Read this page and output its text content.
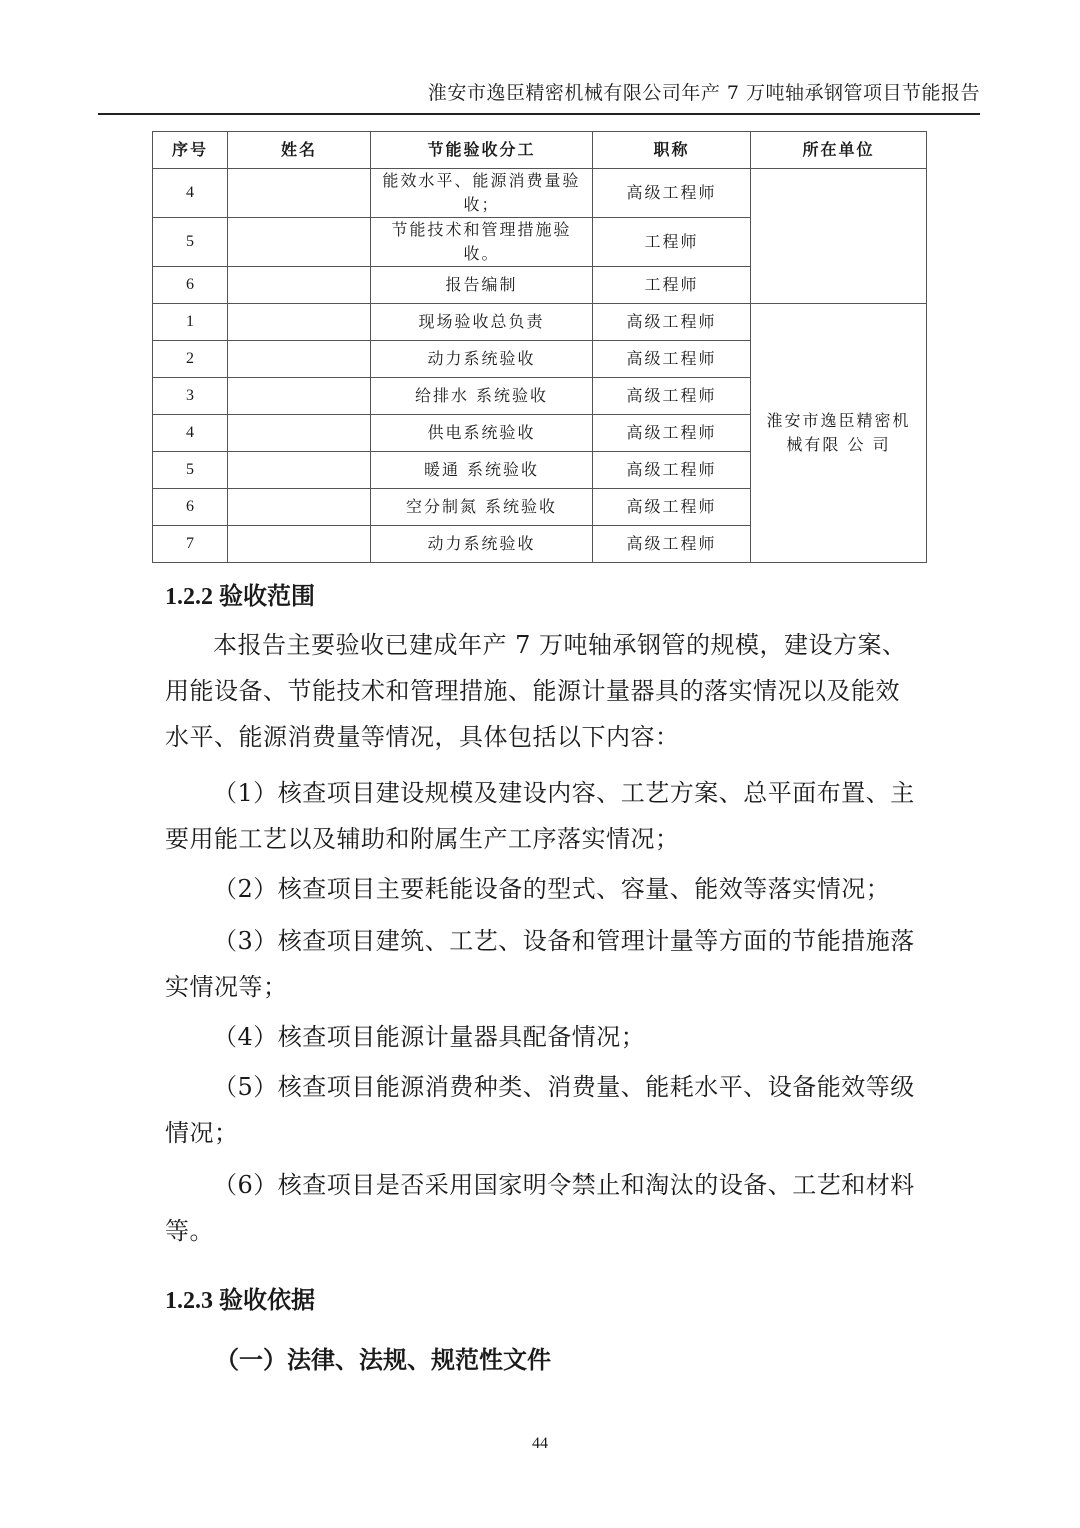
淮安市逸臣精密机械有限公司年产 7 万吨轴承钢管项目节能报告
序号	姓名	节能验收分工	职称	所在单位
4		能效水平、能源消费量验收；	高级工程师	
5		节能技术和管理措施验收。	工程师	
6		报告编制	工程师	
1		现场验收总负责	高级工程师	淮安市逸臣精密机械有限 公 司
2		动力系统验收	高级工程师	
3		给排水 系统验收	高级工程师	
4		供电系统验收	高级工程师	
5		暖通 系统验收	高级工程师	
6		空分制氮 系统验收	高级工程师	
7		动力系统验收	高级工程师	
1.2.2 验收范围

本报告主要验收已建成年产 7 万吨轴承钢管的规模，建设方案、用能设备、节能技术和管理措施、能源计量器具的落实情况以及能效水平、能源消费量等情况，具体包括以下内容：

（1）核查项目建设规模及建设内容、工艺方案、总平面布置、主要用能工艺以及辅助和附属生产工序落实情况；

（2）核查项目主要耗能设备的型式、容量、能效等落实情况；

（3）核查项目建筑、工艺、设备和管理计量等方面的节能措施落实情况等；

（4）核查项目能源计量器具配备情况；

（5）核查项目能源消费种类、消费量、能耗水平、设备能效等级情况；

（6）核查项目是否采用国家明令禁止和淘汰的设备、工艺和材料等。

1.2.3 验收依据
（一）法律、法规、规范性文件
44
